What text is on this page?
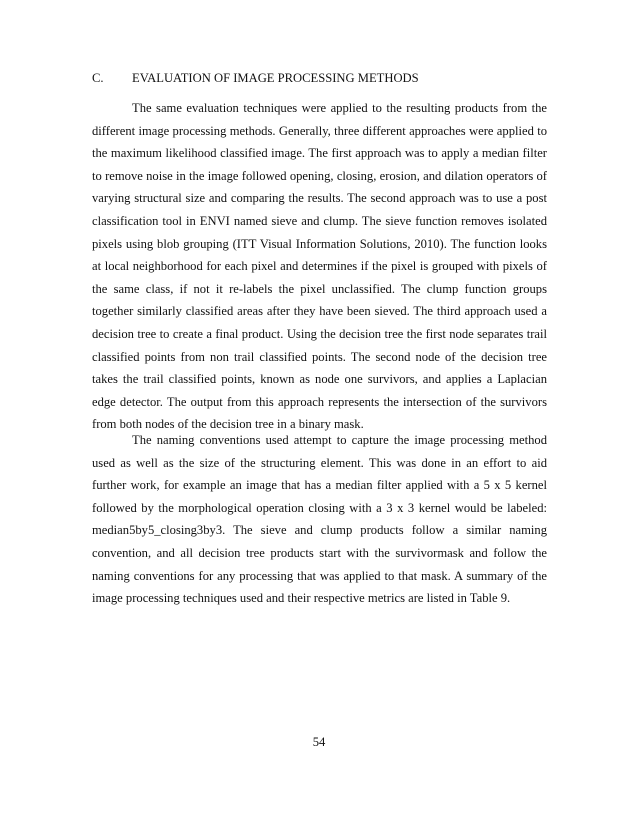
C. EVALUATION OF IMAGE PROCESSING METHODS

The same evaluation techniques were applied to the resulting products from the different image processing methods. Generally, three different approaches were applied to the maximum likelihood classified image. The first approach was to apply a median filter to remove noise in the image followed opening, closing, erosion, and dilation operators of varying structural size and comparing the results. The second approach was to use a post classification tool in ENVI named sieve and clump. The sieve function removes isolated pixels using blob grouping (ITT Visual Information Solutions, 2010). The function looks at local neighborhood for each pixel and determines if the pixel is grouped with pixels of the same class, if not it re-labels the pixel unclassified. The clump function groups together similarly classified areas after they have been sieved. The third approach used a decision tree to create a final product. Using the decision tree the first node separates trail classified points from non trail classified points. The second node of the decision tree takes the trail classified points, known as node one survivors, and applies a Laplacian edge detector. The output from this approach represents the intersection of the survivors from both nodes of the decision tree in a binary mask.

The naming conventions used attempt to capture the image processing method used as well as the size of the structuring element. This was done in an effort to aid further work, for example an image that has a median filter applied with a 5 x 5 kernel followed by the morphological operation closing with a 3 x 3 kernel would be labeled: median5by5_closing3by3. The sieve and clump products follow a similar naming convention, and all decision tree products start with the survivormask and follow the naming conventions for any processing that was applied to that mask. A summary of the image processing techniques used and their respective metrics are listed in Table 9.

54
